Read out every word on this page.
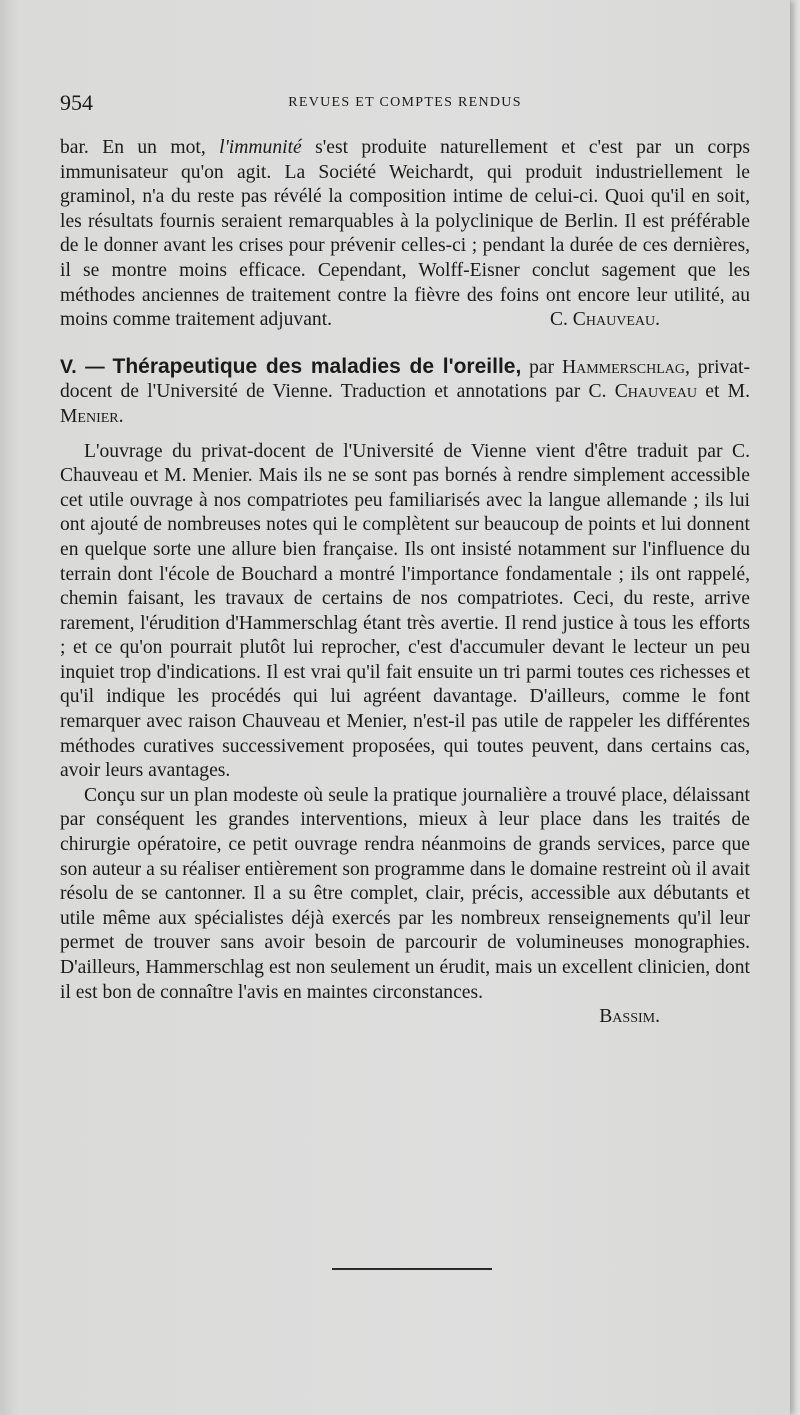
954	REVUES ET COMPTES RENDUS

bar. En un mot, l'immunité s'est produite naturellement et c'est par un corps immunisateur qu'on agit. La Société Weichardt, qui produit industriellement le graminol, n'a du reste pas révélé la composition intime de celui-ci. Quoi qu'il en soit, les résultats fournis seraient remarquables à la polyclinique de Berlin. Il est préférable de le donner avant les crises pour prévenir celles-ci ; pendant la durée de ces dernières, il se montre moins efficace. Cependant, Wolff-Eisner conclut sagement que les méthodes anciennes de traitement contre la fièvre des foins ont encore leur utilité, au moins comme traitement adjuvant.	C. Chauveau.

V. — Thérapeutique des maladies de l'oreille, par Hammerschlag, privat-docent de l'Université de Vienne. Traduction et annotations par C. Chauveau et M. Menier.

L'ouvrage du privat-docent de l'Université de Vienne vient d'être traduit par C. Chauveau et M. Menier. Mais ils ne se sont pas bornés à rendre simplement accessible cet utile ouvrage à nos compatriotes peu familiarisés avec la langue allemande ; ils lui ont ajouté de nombreuses notes qui le complètent sur beaucoup de points et lui donnent en quelque sorte une allure bien française. Ils ont insisté notamment sur l'influence du terrain dont l'école de Bouchard a montré l'importance fondamentale ; ils ont rappelé, chemin faisant, les travaux de certains de nos compatriotes. Ceci, du reste, arrive rarement, l'érudition d'Hammerschlag étant très avertie. Il rend justice à tous les efforts ; et ce qu'on pourrait plutôt lui reprocher, c'est d'accumuler devant le lecteur un peu inquiet trop d'indications. Il est vrai qu'il fait ensuite un tri parmi toutes ces richesses et qu'il indique les procédés qui lui agréent davantage. D'ailleurs, comme le font remarquer avec raison Chauveau et Menier, n'est-il pas utile de rappeler les différentes méthodes curatives successivement proposées, qui toutes peuvent, dans certains cas, avoir leurs avantages.

Conçu sur un plan modeste où seule la pratique journalière a trouvé place, délaissant par conséquent les grandes interventions, mieux à leur place dans les traités de chirurgie opératoire, ce petit ouvrage rendra néanmoins de grands services, parce que son auteur a su réaliser entièrement son programme dans le domaine restreint où il avait résolu de se cantonner. Il a su être complet, clair, précis, accessible aux débutants et utile même aux spécialistes déjà exercés par les nombreux renseignements qu'il leur permet de trouver sans avoir besoin de parcourir de volumineuses monographies. D'ailleurs, Hammerschlag est non seulement un érudit, mais un excellent clinicien, dont il est bon de connaître l'avis en maintes circonstances.

Bassim.
